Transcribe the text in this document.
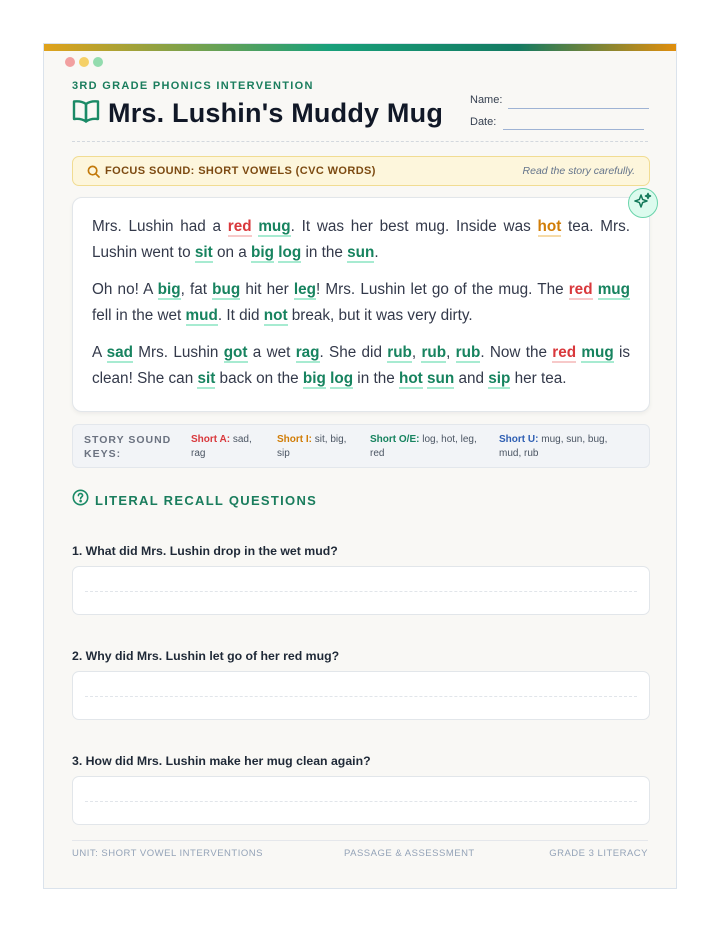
3RD GRADE PHONICS INTERVENTION
Mrs. Lushin's Muddy Mug Name:
Date:
FOCUS SOUND: SHORT VOWELS (CVC WORDS)	Read the story carefully.

Mrs. Lushin had a red mug. It was her best mug. Inside was hot tea. Mrs. Lushin went to sit on a big log in the sun.

Oh no! A big, fat bug hit her leg! Mrs. Lushin let go of the mug. The red mug fell in the wet mud. It did not break, but it was very dirty.

A sad Mrs. Lushin got a wet rag. She did rub, rub, rub. Now the red mug is clean! She can sit back on the big log in the hot sun and sip her tea.

STORY SOUND KEYS:
Short A: sad, rag
Short I: sit, big, sip
Short O/E: log, hot, leg, red
Short U: mug, sun, bug, mud, rub
LITERAL RECALL QUESTIONS
1. What did Mrs. Lushin drop in the wet mud?
2. Why did Mrs. Lushin let go of her red mug?
3. How did Mrs. Lushin make her mug clean again?
UNIT: SHORT VOWEL INTERVENTIONS	PASSAGE & ASSESSMENT	GRADE 3 LITERACY
